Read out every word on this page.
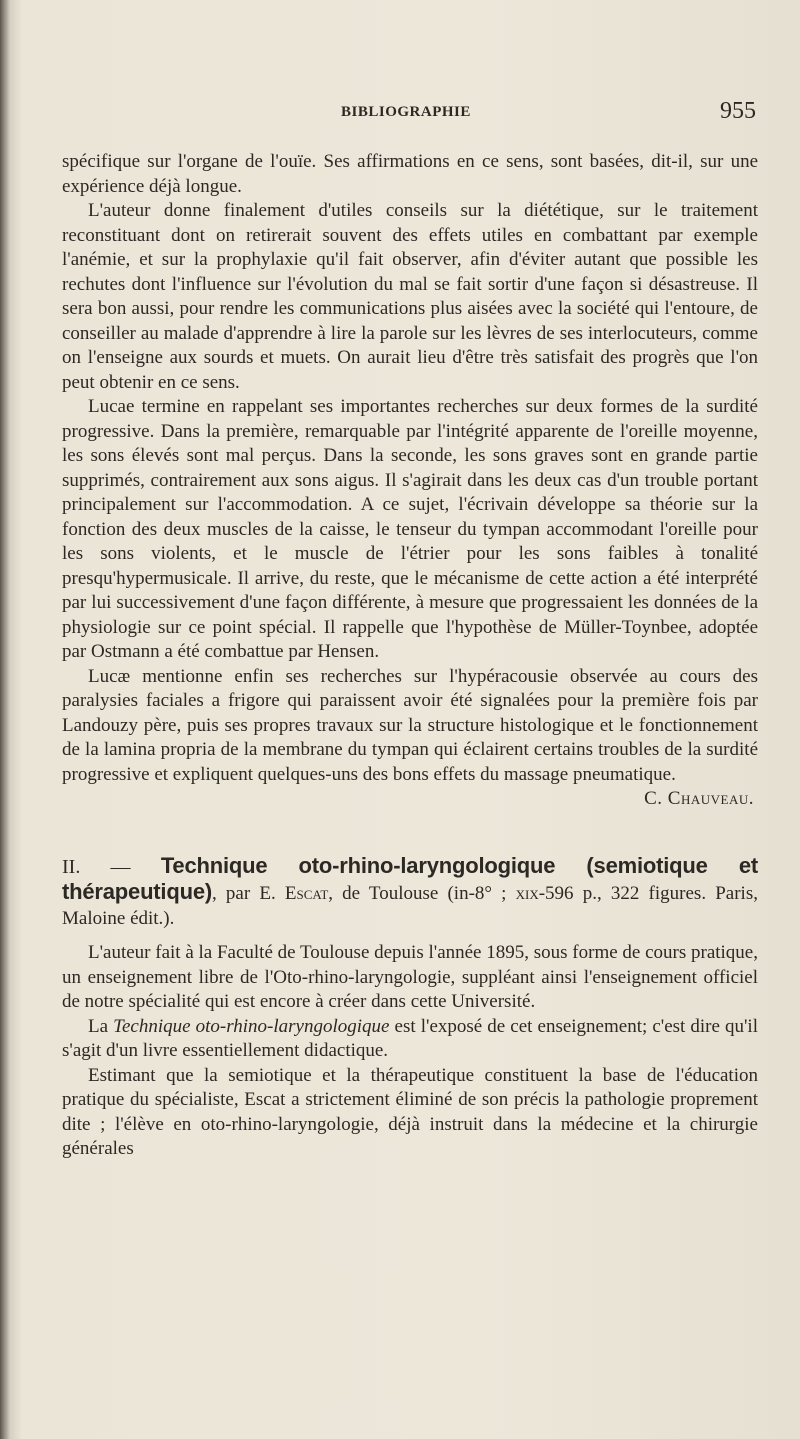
BIBLIOGRAPHIE	955

spécifique sur l'organe de l'ouïe. Ses affirmations en ce sens, sont basées, dit-il, sur une expérience déjà longue.

L'auteur donne finalement d'utiles conseils sur la diététique, sur le traitement reconstituant dont on retirerait souvent des effets utiles en combattant par exemple l'anémie, et sur la prophylaxie qu'il fait observer, afin d'éviter autant que possible les rechutes dont l'influence sur l'évolution du mal se fait sortir d'une façon si désastreuse. Il sera bon aussi, pour rendre les communications plus aisées avec la société qui l'entoure, de conseiller au malade d'apprendre à lire la parole sur les lèvres de ses interlocuteurs, comme on l'enseigne aux sourds et muets. On aurait lieu d'être très satisfait des progrès que l'on peut obtenir en ce sens.

Lucae termine en rappelant ses importantes recherches sur deux formes de la surdité progressive. Dans la première, remarquable par l'intégrité apparente de l'oreille moyenne, les sons élevés sont mal perçus. Dans la seconde, les sons graves sont en grande partie supprimés, contrairement aux sons aigus. Il s'agirait dans les deux cas d'un trouble portant principalement sur l'accommodation. A ce sujet, l'écrivain développe sa théorie sur la fonction des deux muscles de la caisse, le tenseur du tympan accommodant l'oreille pour les sons violents, et le muscle de l'étrier pour les sons faibles à tonalité presqu'hypermusicale. Il arrive, du reste, que le mécanisme de cette action a été interprété par lui successivement d'une façon différente, à mesure que progressaient les données de la physiologie sur ce point spécial. Il rappelle que l'hypothèse de Müller-Toynbee, adoptée par Ostmann a été combattue par Hensen.

Lucæ mentionne enfin ses recherches sur l'hypéracousie observée au cours des paralysies faciales a frigore qui paraissent avoir été signalées pour la première fois par Landouzy père, puis ses propres travaux sur la structure histologique et le fonctionnement de la lamina propria de la membrane du tympan qui éclairent certains troubles de la surdité progressive et expliquent quelques-uns des bons effets du massage pneumatique.
C. Chauveau.

II. — Technique oto-rhino-laryngologique (semiotique et thérapeutique), par E. Escat, de Toulouse (in-8° ; xix-596 p., 322 figures. Paris, Maloine édit.).

L'auteur fait à la Faculté de Toulouse depuis l'année 1895, sous forme de cours pratique, un enseignement libre de l'Oto-rhino-laryngologie, suppléant ainsi l'enseignement officiel de notre spécialité qui est encore à créer dans cette Université.

La Technique oto-rhino-laryngologique est l'exposé de cet enseignement; c'est dire qu'il s'agit d'un livre essentiellement didactique.

Estimant que la semiotique et la thérapeutique constituent la base de l'éducation pratique du spécialiste, Escat a strictement éliminé de son précis la pathologie proprement dite ; l'élève en oto-rhino-laryngologie, déjà instruit dans la médecine et la chirurgie générales
